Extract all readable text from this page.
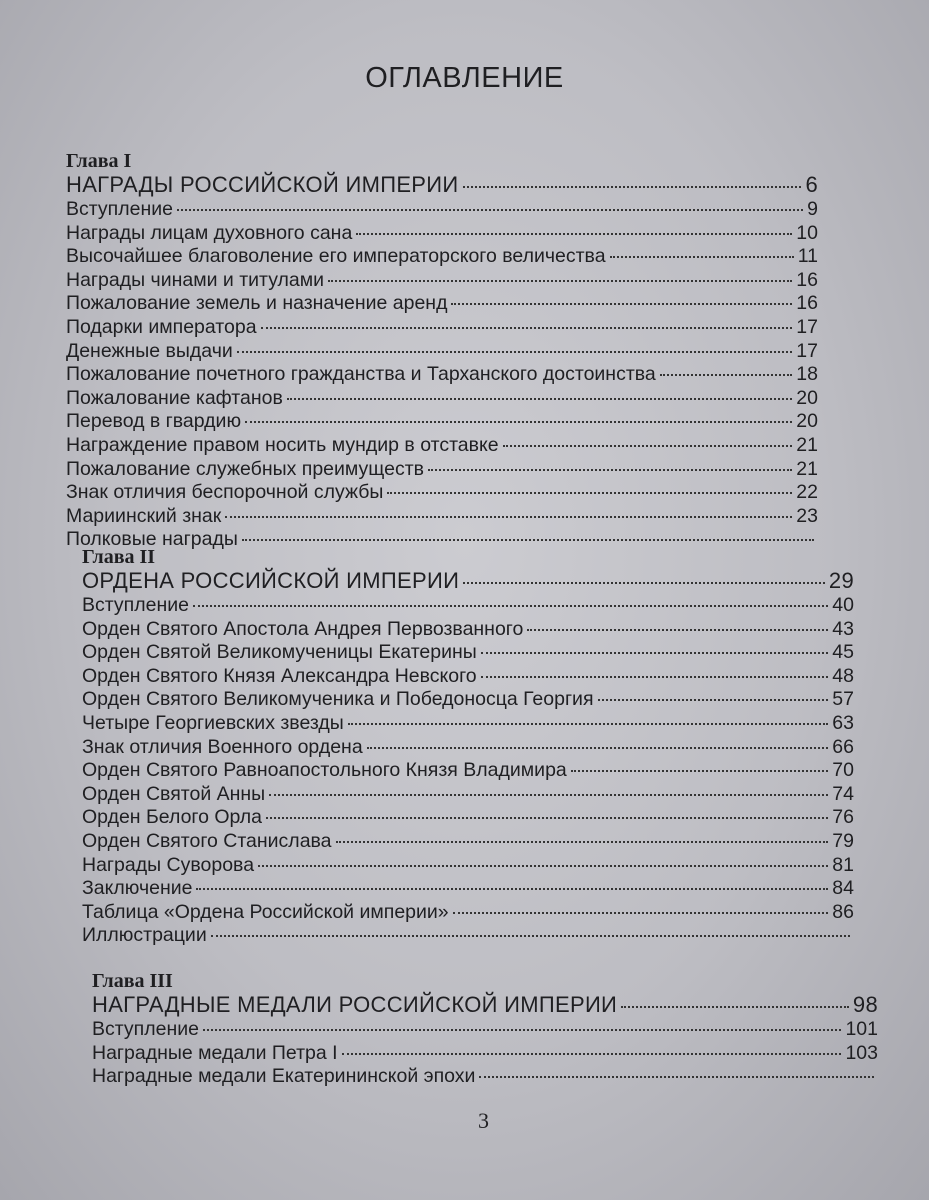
ОГЛАВЛЕНИЕ
Глава I
НАГРАДЫ РОССИЙСКОЙ ИМПЕРИИ	6
Вступление	9
Награды лицам духовного сана	10
Высочайшее благоволение его императорского величества	11
Награды чинами и титулами	16
Пожалование земель и назначение аренд	16
Подарки императора	17
Денежные выдачи	17
Пожалование почетного гражданства и Тарханского достоинства	18
Пожалование кафтанов	20
Перевод в гвардию	20
Награждение правом носить мундир в отставке	21
Пожалование служебных преимуществ	21
Знак отличия беспорочной службы	22
Мариинский знак	23
Полковые награды
Глава II
ОРДЕНА РОССИЙСКОЙ ИМПЕРИИ	29
Вступление	40
Орден Святого Апостола Андрея Первозванного	43
Орден Святой Великомученицы Екатерины	45
Орден Святого Князя Александра Невского	48
Орден Святого Великомученика и Победоносца Георгия	57
Четыре Георгиевских звезды	63
Знак отличия Военного ордена	66
Орден Святого Равноапостольного Князя Владимира	70
Орден Святой Анны	74
Орден Белого Орла	76
Орден Святого Станислава	79
Награды Суворова	81
Заключение	84
Таблица «Ордена Российской империи»	86
Иллюстрации
Глава III
НАГРАДНЫЕ МЕДАЛИ РОССИЙСКОЙ ИМПЕРИИ	98
Вступление	101
Наградные медали Петра I	103
Наградные медали Екатерининской эпохи
3
